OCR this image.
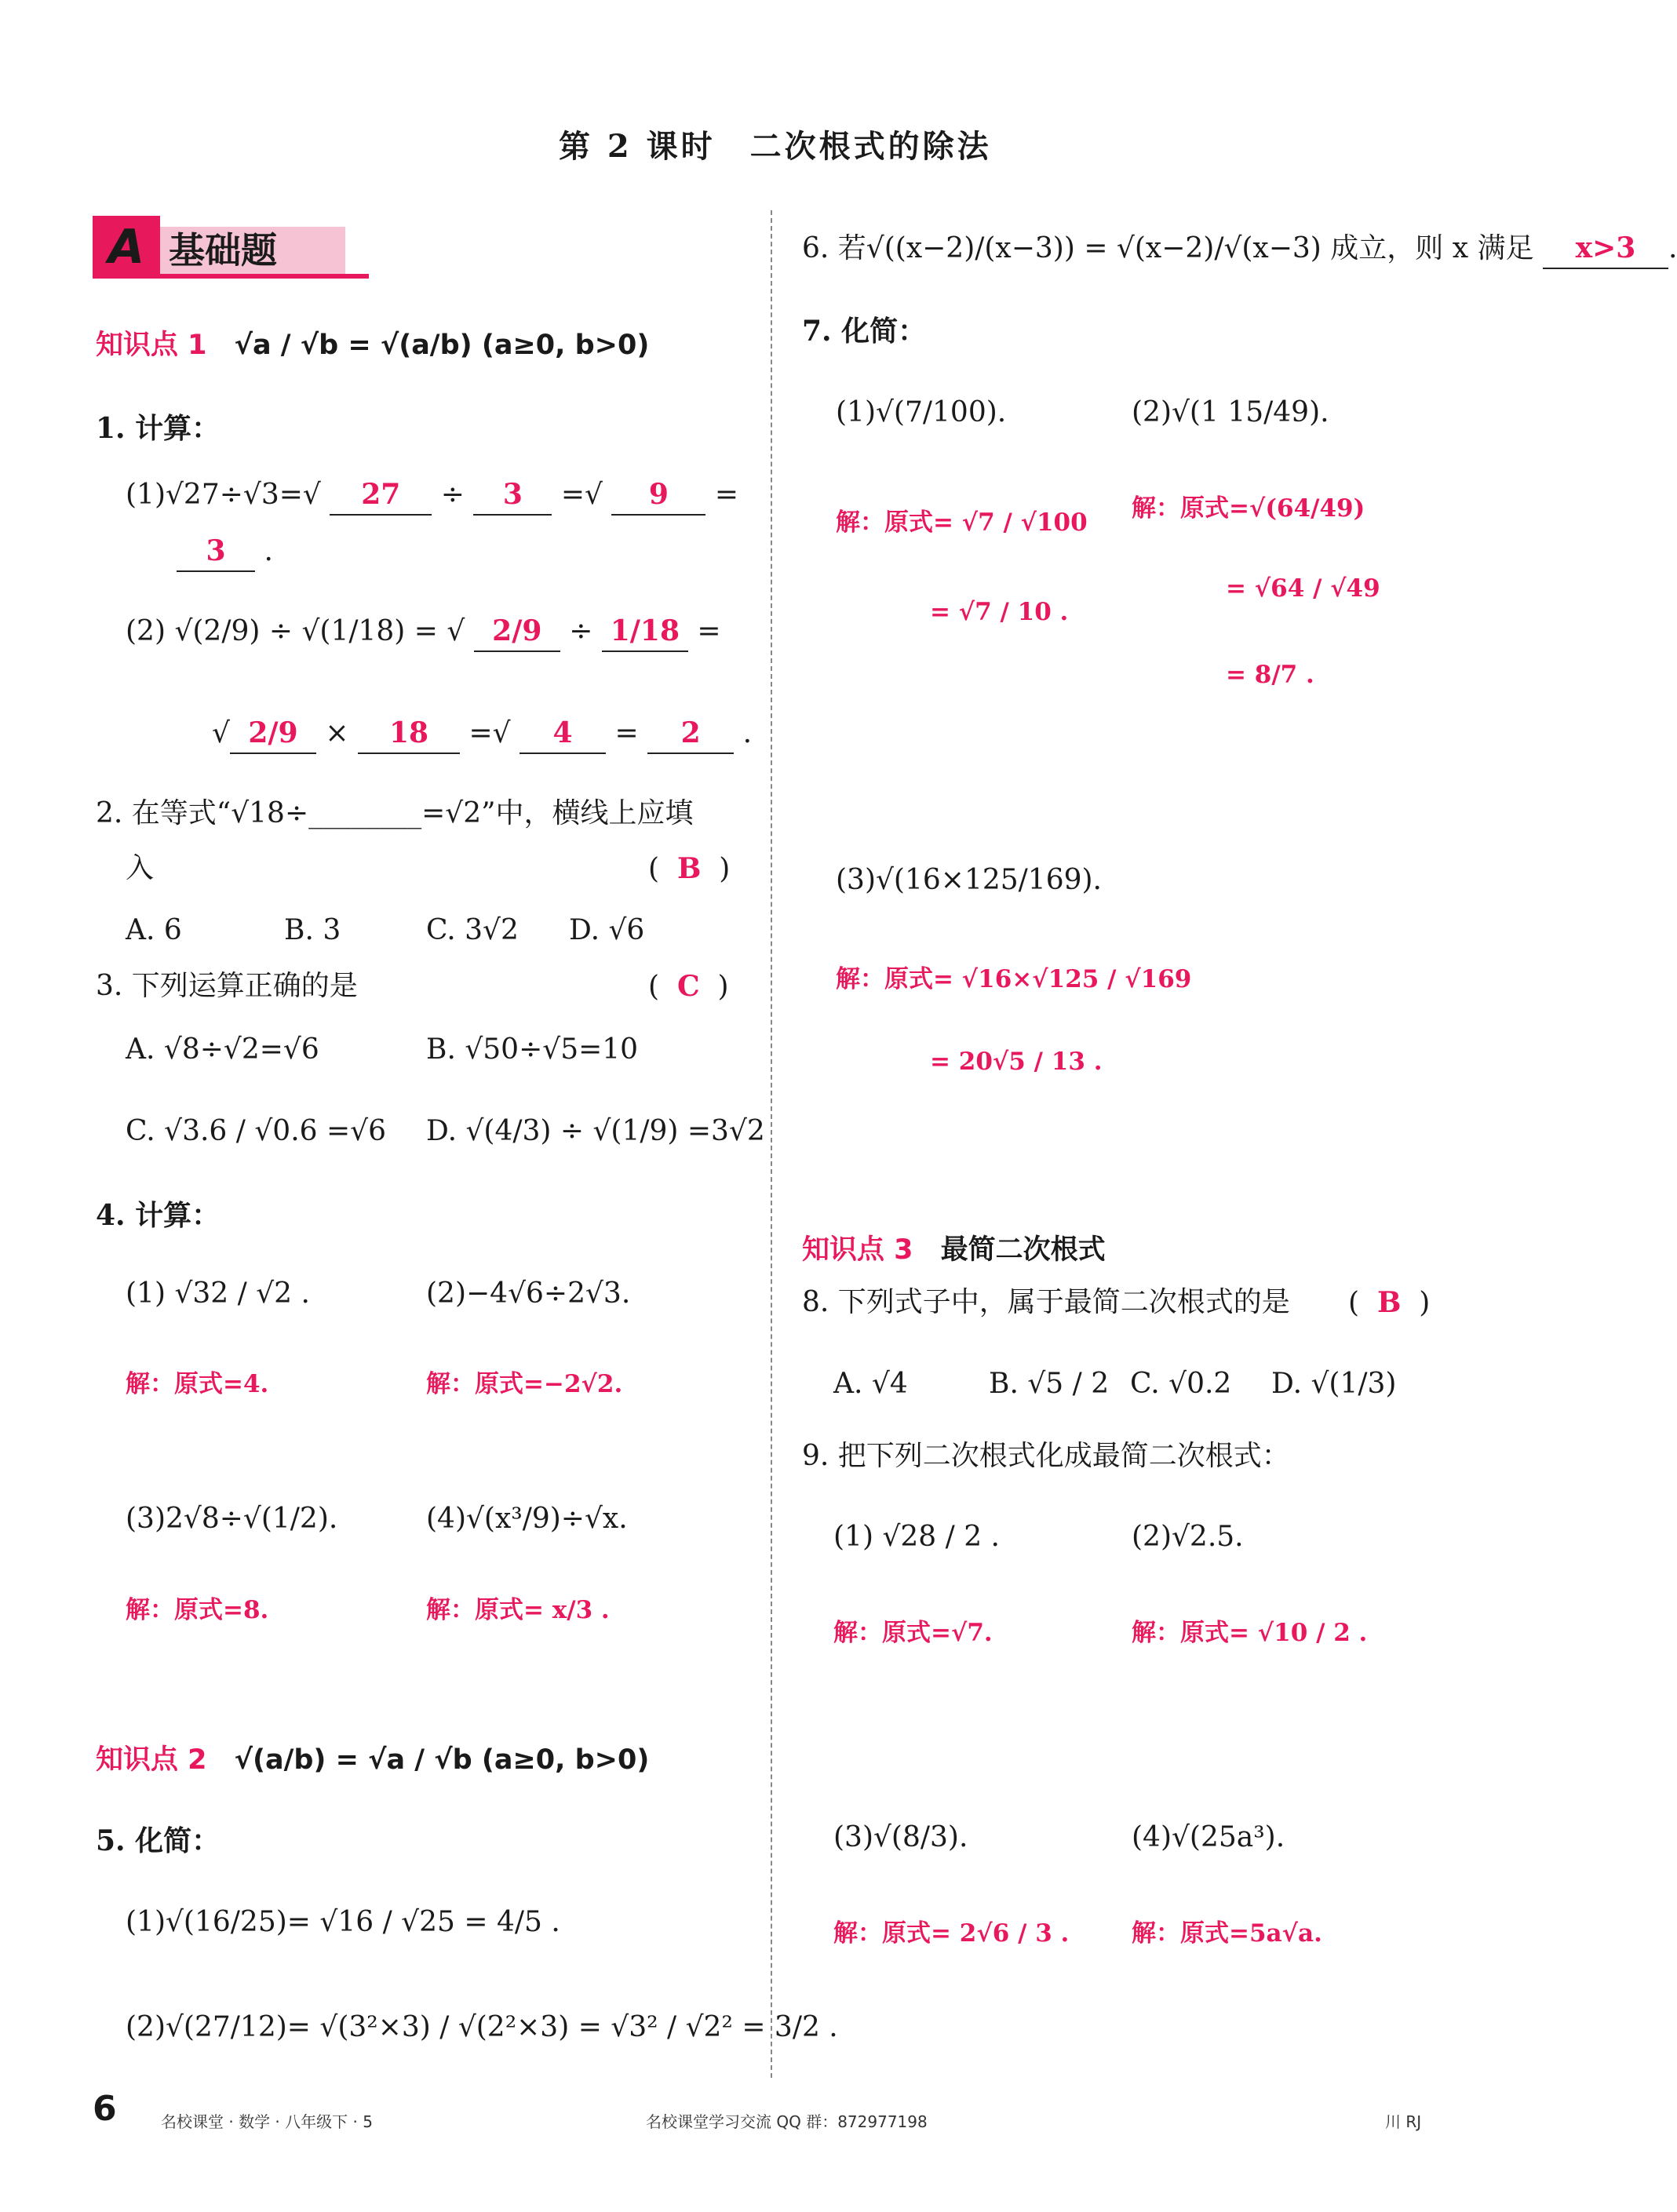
第 2 课时　二次根式的除法
A 基础题
知识点 1 √a / √b = √(a/b) (a≥0, b>0)
1. 计算：
(1)√27÷√3=√ 27 ÷ 3 =√ 9 =
3 .
(2) √(2/9) ÷ √(1/18) = √ 2/9 ÷ 1/18 =
√ 2/9 × 18 =√ 4 = 2 .
2. 在等式“√18÷________=√2”中，横线上应填
入	(  B  )
A. 6	B. 3	C. 3√2 D. √6
3. 下列运算正确的是	(  C  )
A. √8÷√2=√6	B. √50÷√5=10
C. √3.6 / √0.6 =√6 D. √(4/3) ÷ √(1/9) =3√2
4. 计算：
(1) √32 / √2 .	(2)−4√6÷2√3.
解：原式=4.	解：原式=−2√2.
(3)2√8÷√(1/2).	(4)√(x³/9)÷√x.
解：原式=8.	解：原式= x/3 .
知识点 2 √(a/b) = √a / √b (a≥0, b>0)
5. 化简：
(1)√(16/25)= √16 / √25 = 4/5 .
(2)√(27/12)= √(3²×3) / √(2²×3) = √3² / √2² = 3/2 .
6. 若√((x−2)/(x−3)) = √(x−2)/√(x−3) 成立，则 x 满足 x>3 .
7. 化简：
(1)√(7/100).	(2)√(1 15/49).
解：原式= √7 / √100
= √7 / 10 .
解：原式=√(64/49)
= √64 / √49
= 8/7 .
(3)√(16×125/169).
解：原式= √16×√125 / √169
= 20√5 / 13 .
知识点 3 最简二次根式
8. 下列式子中，属于最简二次根式的是 (  B  )
A. √4	B. √5 / 2 C. √0.2 D. √(1/3)
9. 把下列二次根式化成最简二次根式：
(1) √28 / 2 .	(2)√2.5.
解：原式=√7.	解：原式= √10 / 2 .
(3)√(8/3).	(4)√(25a³).
解：原式= 2√6 / 3 .	解：原式=5a√a.
6	名校课堂 · 数学 · 八年级下 · 5	名校课堂学习交流 QQ 群：872977198	川 RJ
